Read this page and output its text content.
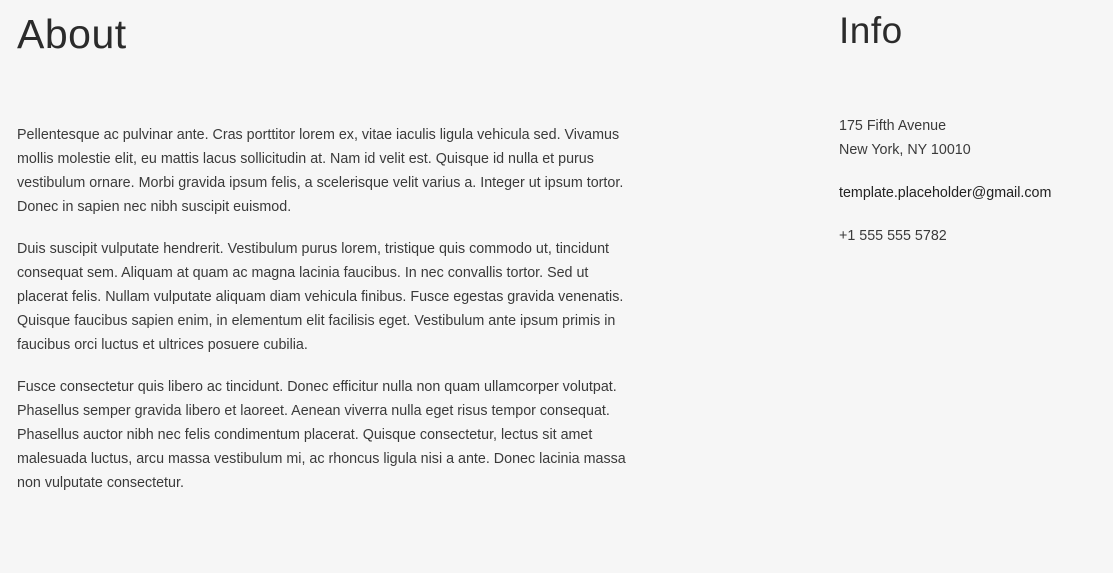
About

Pellentesque ac pulvinar ante. Cras porttitor lorem ex, vitae iaculis ligula vehicula sed. Vivamus mollis molestie elit, eu mattis lacus sollicitudin at. Nam id velit est. Quisque id nulla et purus vestibulum ornare. Morbi gravida ipsum felis, a scelerisque velit varius a. Integer ut ipsum tortor. Donec in sapien nec nibh suscipit euismod.

Duis suscipit vulputate hendrerit. Vestibulum purus lorem, tristique quis commodo ut, tincidunt consequat sem. Aliquam at quam ac magna lacinia faucibus. In nec convallis tortor. Sed ut placerat felis. Nullam vulputate aliquam diam vehicula finibus. Fusce egestas gravida venenatis. Quisque faucibus sapien enim, in elementum elit facilisis eget. Vestibulum ante ipsum primis in faucibus orci luctus et ultrices posuere cubilia.

Fusce consectetur quis libero ac tincidunt. Donec efficitur nulla non quam ullamcorper volutpat. Phasellus semper gravida libero et laoreet. Aenean viverra nulla eget risus tempor consequat. Phasellus auctor nibh nec felis condimentum placerat. Quisque consectetur, lectus sit amet malesuada luctus, arcu massa vestibulum mi, ac rhoncus ligula nisi a ante. Donec lacinia massa non vulputate consectetur.

Info

175 Fifth Avenue
New York, NY 10010

template.placeholder@gmail.com

+1 555 555 5782
